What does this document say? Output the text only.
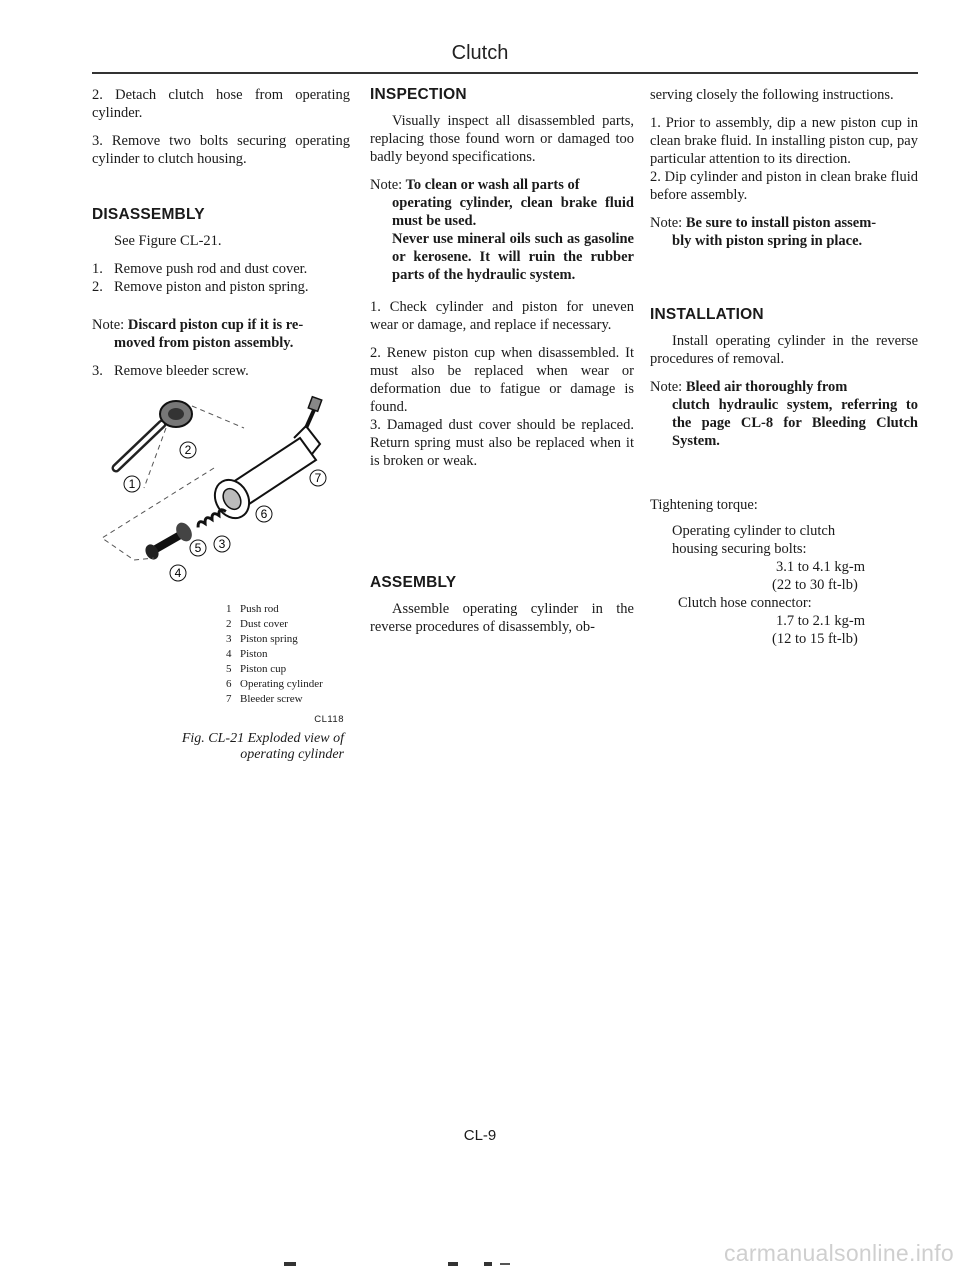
Clutch

2. Detach clutch hose from operating cylinder.

3. Remove two bolts securing operating cylinder to clutch housing.

DISASSEMBLY

See Figure CL-21.

1. Remove push rod and dust cover.
2. Remove piston and piston spring.

Note: Discard piston cup if it is re-
moved from piston assembly.

3. Remove bleeder screw.
1
2
3
4
5
6
7
1 Push rod
2 Dust cover
3 Piston spring
4 Piston
5 Piston cup
6 Operating cylinder
7 Bleeder screw
CL118
Fig. CL-21 Exploded view of
operating cylinder
INSPECTION

Visually inspect all disassembled parts, replacing those found worn or damaged too badly beyond specifications.

Note: To clean or wash all parts of
operating cylinder, clean brake fluid must be used.
Never use mineral oils such as gasoline or kerosene. It will ruin the rubber parts of the hydraulic system.

1. Check cylinder and piston for uneven wear or damage, and replace if necessary.

2. Renew piston cup when disassembled. It must also be replaced when wear or deformation due to fatigue or damage is found.

3. Damaged dust cover should be replaced. Return spring must also be replaced when it is broken or weak.

ASSEMBLY

Assemble operating cylinder in the reverse procedures of disassembly, ob-

serving closely the following instructions.

1. Prior to assembly, dip a new piston cup in clean brake fluid. In installing piston cup, pay particular attention to its direction.

2. Dip cylinder and piston in clean brake fluid before assembly.

Note: Be sure to install piston assem-
bly with piston spring in place.

INSTALLATION

Install operating cylinder in the reverse procedures of removal.

Note: Bleed air thoroughly from
clutch hydraulic system, referring to the page CL-8 for Bleeding Clutch System.

Tightening torque:
Operating cylinder to clutch housing securing bolts:
3.1 to 4.1 kg-m
(22 to 30 ft-lb)
Clutch hose connector:
1.7 to 2.1 kg-m
(12 to 15 ft-lb)
CL-9
carmanualsonline.info
